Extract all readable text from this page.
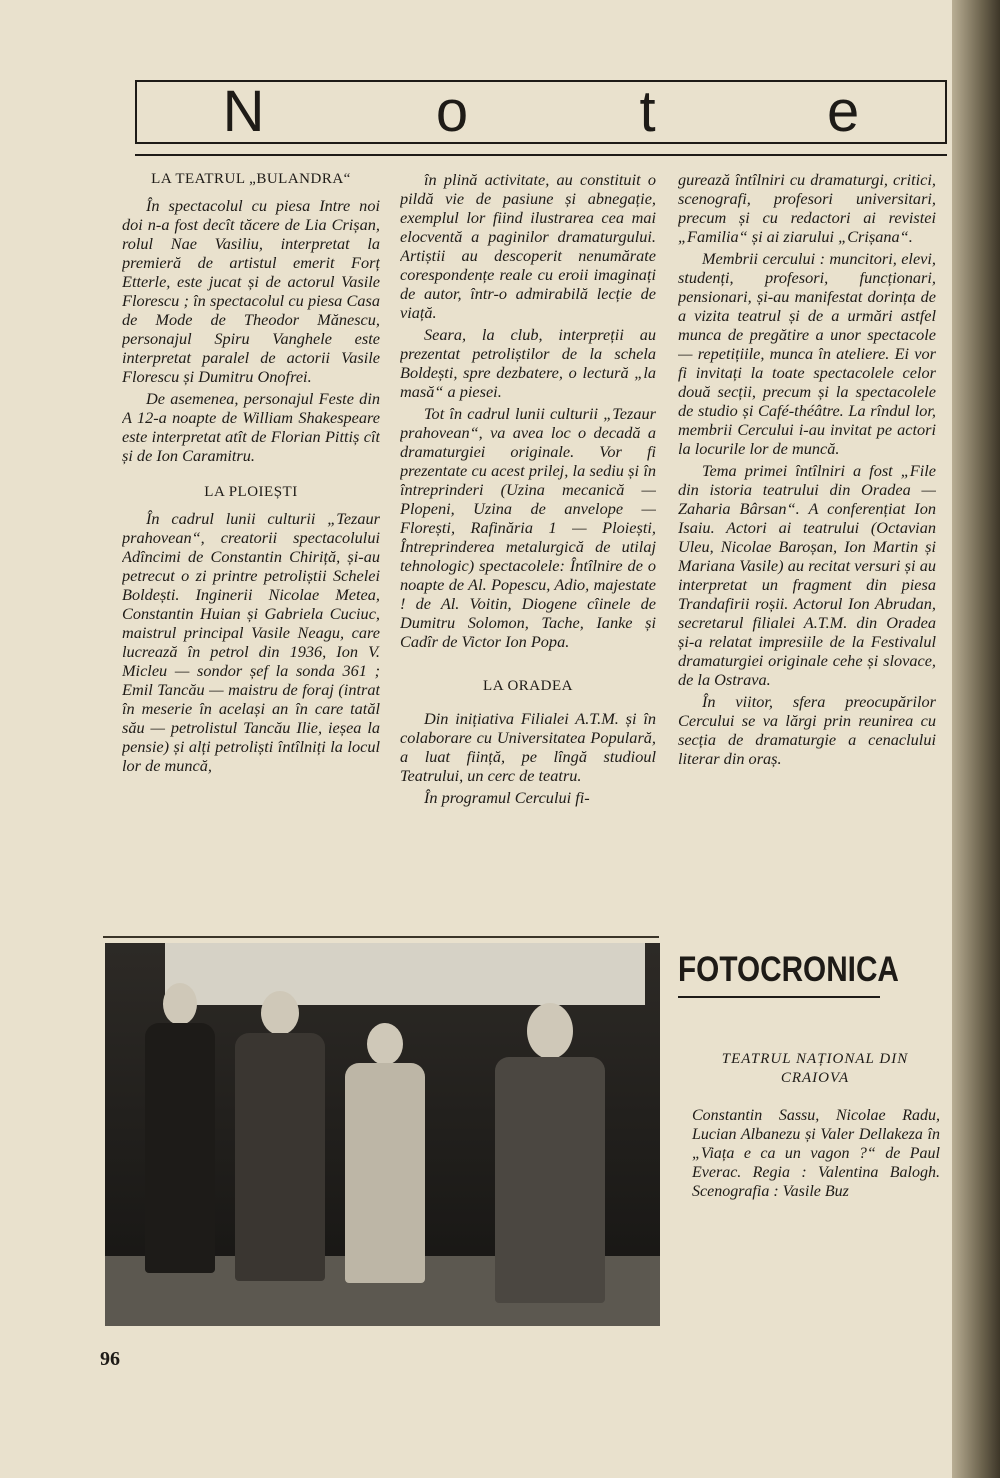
N	o	t	e
LA TEATRUL „BULANDRA“

În spectacolul cu piesa Intre noi doi n-a fost decît tăcere de Lia Crișan, rolul Nae Vasiliu, interpretat la premieră de artistul emerit Forț Etterle, este jucat și de actorul Vasile Florescu ; în spectacolul cu piesa Casa de Mode de Theodor Mănescu, personajul Spiru Vanghele este interpretat paralel de actorii Vasile Florescu și Dumitru Onofrei.

De asemenea, personajul Feste din A 12-a noapte de William Shakespeare este interpretat atît de Florian Pittiș cît și de Ion Caramitru.

LA PLOIEȘTI

În cadrul lunii culturii „Tezaur prahovean“, creatorii spectacolului Adîncimi de Constantin Chiriță, și-au petrecut o zi printre petroliștii Schelei Boldești. Inginerii Nicolae Metea, Constantin Huian și Gabriela Cuciuc, maistrul principal Vasile Neagu, care lucrează în petrol din 1936, Ion V. Micleu — sondor șef la sonda 361 ; Emil Tancău — maistru de foraj (intrat în meserie în același an în care tatăl său — petrolistul Tancău Ilie, ieșea la pensie) și alți petroliști întîlniți la locul lor de muncă,

în plină activitate, au constituit o pildă vie de pasiune și abnegație, exemplul lor fiind ilustrarea cea mai elocventă a paginilor dramaturgului. Artiștii au descoperit nenumărate corespondențe reale cu eroii imaginați de autor, într-o admirabilă lecție de viață.

Seara, la club, interpreții au prezentat petroliștilor de la schela Boldești, spre dezbatere, o lectură „la masă“ a piesei.

Tot în cadrul lunii culturii „Tezaur prahovean“, va avea loc o decadă a dramaturgiei originale. Vor fi prezentate cu acest prilej, la sediu și în întreprinderi (Uzina mecanică — Plopeni, Uzina de anvelope — Florești, Rafinăria 1 — Ploiești, Întreprinderea metalurgică de utilaj tehnologic) spectacolele: Întîlnire de o noapte de Al. Popescu, Adio, majestate ! de Al. Voitin, Diogene cîinele de Dumitru Solomon, Tache, Ianke și Cadîr de Victor Ion Popa.

LA ORADEA

Din inițiativa Filialei A.T.M. și în colaborare cu Universitatea Populară, a luat ființă, pe lîngă studioul Teatrului, un cerc de teatru.

În programul Cercului fi-

gurează întîlniri cu dramaturgi, critici, scenografi, profesori universitari, precum și cu redactori ai revistei „Familia“ și ai ziarului „Crișana“.

Membrii cercului : muncitori, elevi, studenți, profesori, funcționari, pensionari, și-au manifestat dorința de a vizita teatrul și de a urmări astfel munca de pregătire a unor spectacole — repetițiile, munca în ateliere. Ei vor fi invitați la toate spectacolele celor două secții, precum și la spectacolele de studio și Café-théâtre. La rîndul lor, membrii Cercului i-au invitat pe actori la locurile lor de muncă.

Tema primei întîlniri a fost „File din istoria teatrului din Oradea — Zaharia Bârsan“. A conferențiat Ion Isaiu. Actori ai teatrului (Octavian Uleu, Nicolae Baroșan, Ion Martin și Mariana Vasile) au recitat versuri și au interpretat un fragment din piesa Trandafirii roșii. Actorul Ion Abrudan, secretarul filialei A.T.M. din Oradea și-a relatat impresiile de la Festivalul dramaturgiei originale cehe și slovace, de la Ostrava.

În viitor, sfera preocupărilor Cercului se va lărgi prin reunirea cu secția de dramaturgie a cenaclului literar din oraș.

FOTOCRONICA
TEATRUL NAȚIONAL DIN CRAIOVA

Constantin Sassu, Nicolae Radu, Lucian Albanezu și Valer Dellakeza în „Viața e ca un vagon ?“ de Paul Everac. Regia : Valentina Balogh. Scenografia : Vasile Buz

96
